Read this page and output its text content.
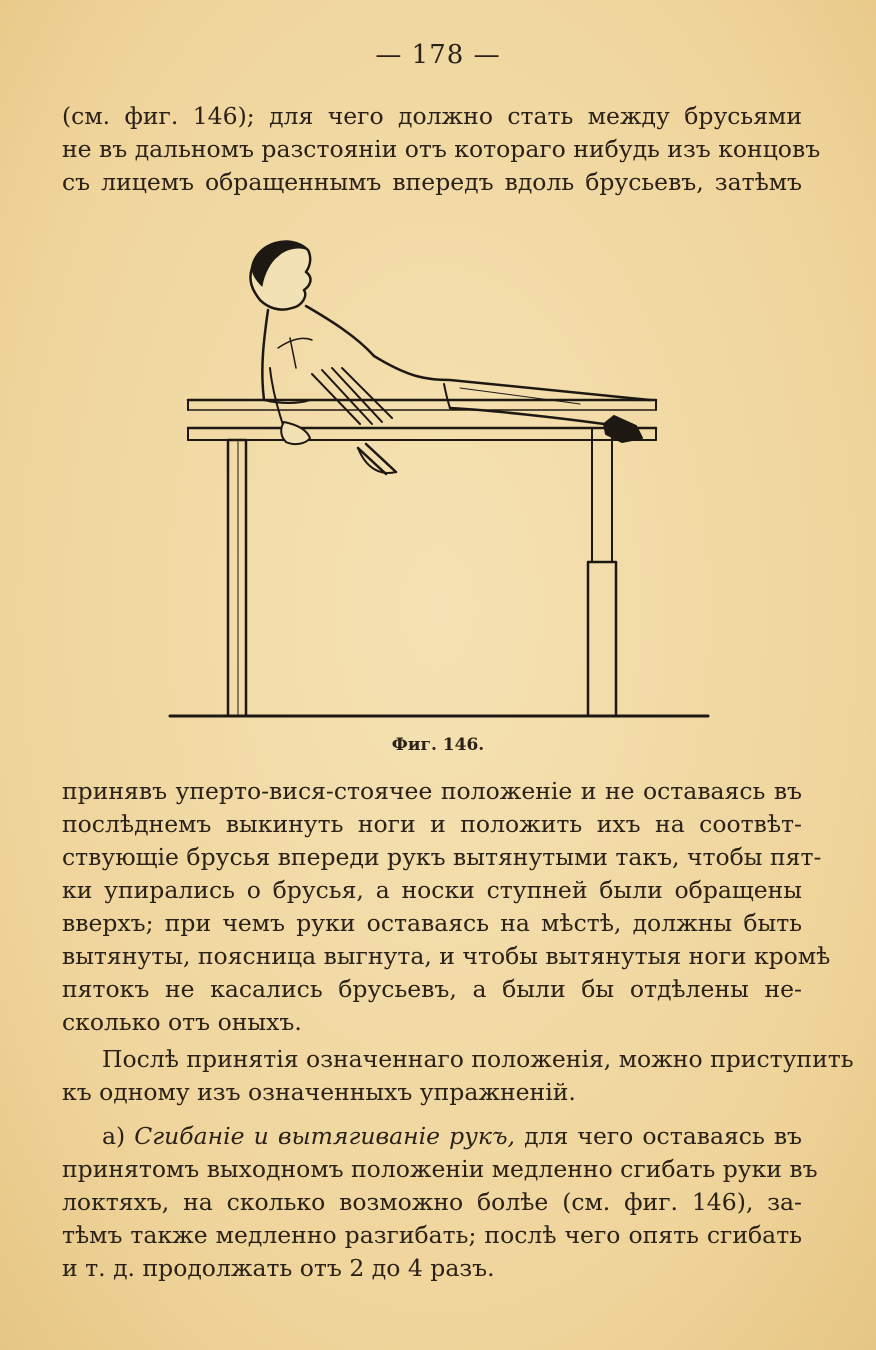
— 178 —
(см. фиг. 146); для чего должно стать между брусьями
не въ дальномъ разстоянiи отъ котораго нибудь изъ концовъ
съ лицемъ обращеннымъ впередъ вдоль брусьевъ, затѣмъ
Фиг. 146.
принявъ уперто-вися-стоячее положенiе и не оставаясь въ
послѣднемъ выкинуть ноги и положить ихъ на соотвѣт-
ствующiе брусья впереди рукъ вытянутыми такъ, чтобы пят-
ки упирались о брусья, а носки ступней были обращены
вверхъ; при чемъ руки оставаясь на мѣстѣ, должны быть
вытянуты, поясница выгнута, и чтобы вытянутыя ноги кромѣ
пятокъ не касались брусьевъ, а были бы отдѣлены не-
сколько отъ оныхъ.
Послѣ принятiя означеннаго положенiя, можно приступить
къ одному изъ означенныхъ упражненiй.
а) Сгибанiе и вытягиванiе рукъ, для чего оставаясь въ
принятомъ выходномъ положенiи медленно сгибать руки въ
локтяхъ, на сколько возможно болѣе (см. фиг. 146), за-
тѣмъ также медленно разгибать; послѣ чего опять сгибать
и т. д. продолжать отъ 2 до 4 разъ.
